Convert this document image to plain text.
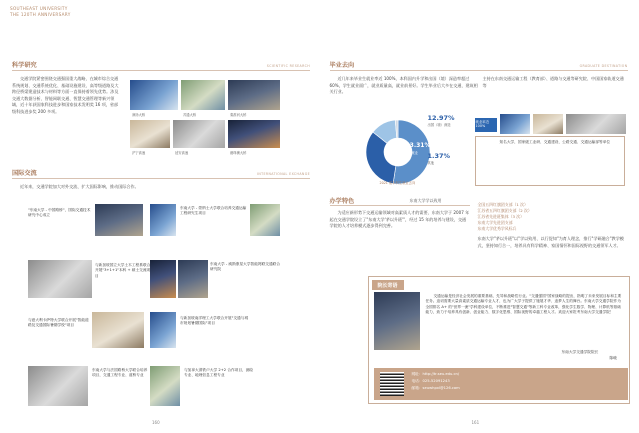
SOUTHEAST UNIVERSITY
THE 120TH ANNIVERSARY
科学研究	SCIENTIFIC RESEARCH
交通学院紧密围绕交通强国重大战略，在城市综合交通系统规划、交通系统优化、基础设施建设、高等级道路及大跨径桥梁建造技术与材料等方面一直保持着领先优势。涉及交通大数据分析、智能网联交通、智慧交通管理等新兴领域，近十年获国家科技进步和国家技术发明奖 16 项，省部级科技进步奖 200 多项。
润扬大桥	苏通大桥	秦淮河大桥
沪宁高速	延安高速	港珠澳大桥
国际交流	INTERNATIONAL EXCHANGE
近年来，交通学院加大对外交流、扩大国际影响，推动国际合作。
"东南大学 - 中国路桥"，国际交通技术研究中心成立
东南大学 - 蒙纳士大学联合培养交通运输工程研究生项目
与新加坡国立大学土木工程系联合开展"3+1+1"本科 + 硕士交流项目
东南大学 - 威斯康星大学智能网联交通联合研究院
与意大利卡萨特大学联合开展"智能道路及交通国际暑期学校"项目
与新加坡南洋理工大学联合开展"交通与城市规划暑期国际"项目
东南大学与法国路桥大学联合培养项目，交通工程专业、道桥专业
与加拿大滑铁卢大学 2+2 合作项目，测绘专业、地理信息工程专业
160
毕业去向	GRADUATE DESTINATION
近几年来毕业生就业率近 100%，本科国内升学和出国（境）深造率超过 60%，学生就业面广，就业质量高，就业前景好。学生毕业后大多在交通、建筑相关行业。
主持在东南交通运输工程（教育部）、道路与交通等研究院、中国国家轨道交通等
52.56%
国内升学
33.31%
就业
12.97%
出国（境）深造
1.37%
其他
2021 届本科生就业去向
就业率近 100%
知名大学，国家级工业研、交通建设、公路交通、交通运输部等单位
办学特色	东南大学学以致用
为适应新形势下交通运输领域对高素质人才的需要，东南大学于 2007 年起在交通学院设立了"东南大学'茅以升班'"，经过 15 年的培养与建设，交通学院的人才培养模式逐步得到完善。
全国五四红旗团支部（1 次）
江苏省五四红旗团支部（2 次）
江苏省先进班集体（3 次）
东南大学先进团支部
东南大学优秀学风标兵
东南大学"茅以升班"以"学以致用、以行促知"为育人理念，推行"学研融合"教学模式，坚持知行合一，培养具有科学精神、家国情怀和国际视野的交通领军人才。
院长寄语
交通运输是经济社会发展的重要基础，先导和战略性行业。"交通强国"国家战略的提出，指明了未来发展目标和主要任务。迫切需要大量高素质交通运输专业人才，也为广大学子提供了施展才华、追梦人生的舞台。东南大学交通学院作为全国排名 A+ 的"世界一流"学科建设单位，不断推进"智慧交通"等新工科专业改革，强化学生数学、物理、计算机等基础能力，致力于培养具有创新、创业能力、数字化思维、国际视野的卓越工程人才。欢迎大家报考东南大学交通学院！
东南大学交通学院院长
陈峻
网址：http://tr.seu.edu.cn/
电话：025-52091243
邮箱：seuwhpxl@126.com
161
